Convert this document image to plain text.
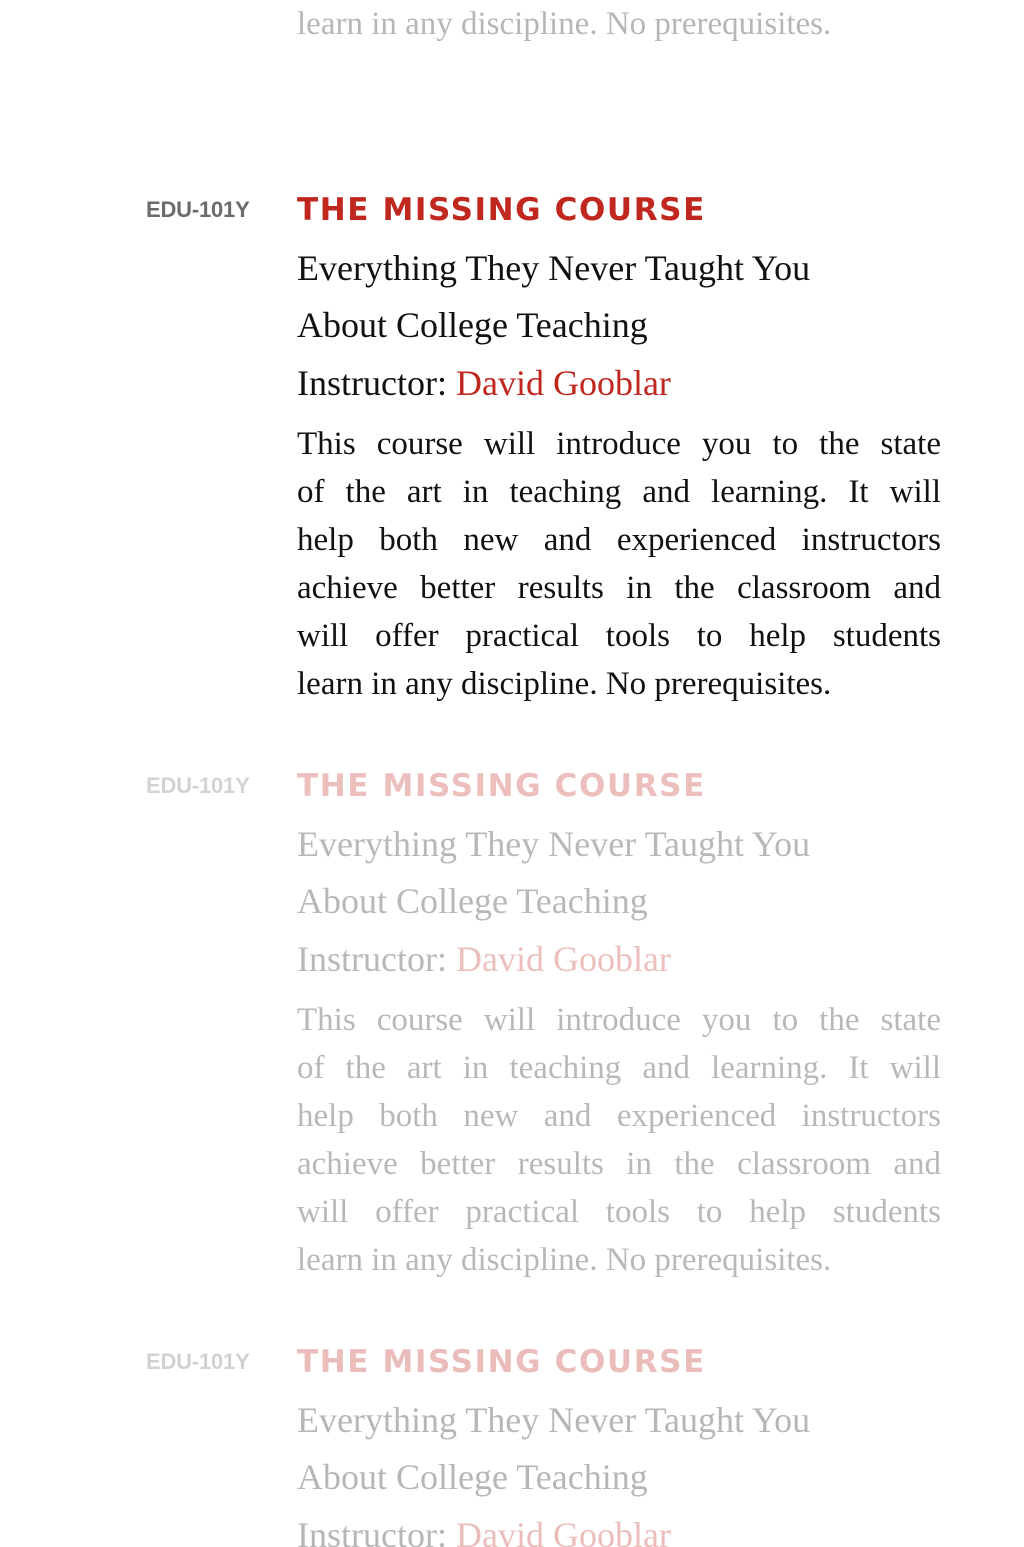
learn in any discipline. No prerequisites.

EDU-101Y THE MISSING COURSE
Everything They Never Taught You
About College Teaching
Instructor: David Gooblar

This course will introduce you to the state
of the art in teaching and learning. It will
help both new and experienced instructors
achieve better results in the classroom and
will offer practical tools to help students
learn in any discipline. No prerequisites.

EDU-101Y THE MISSING COURSE
Everything They Never Taught You
About College Teaching
Instructor: David Gooblar

This course will introduce you to the state
of the art in teaching and learning. It will
help both new and experienced instructors
achieve better results in the classroom and
will offer practical tools to help students
learn in any discipline. No prerequisites.

EDU-101Y THE MISSING COURSE
Everything They Never Taught You
About College Teaching
Instructor: David Gooblar
